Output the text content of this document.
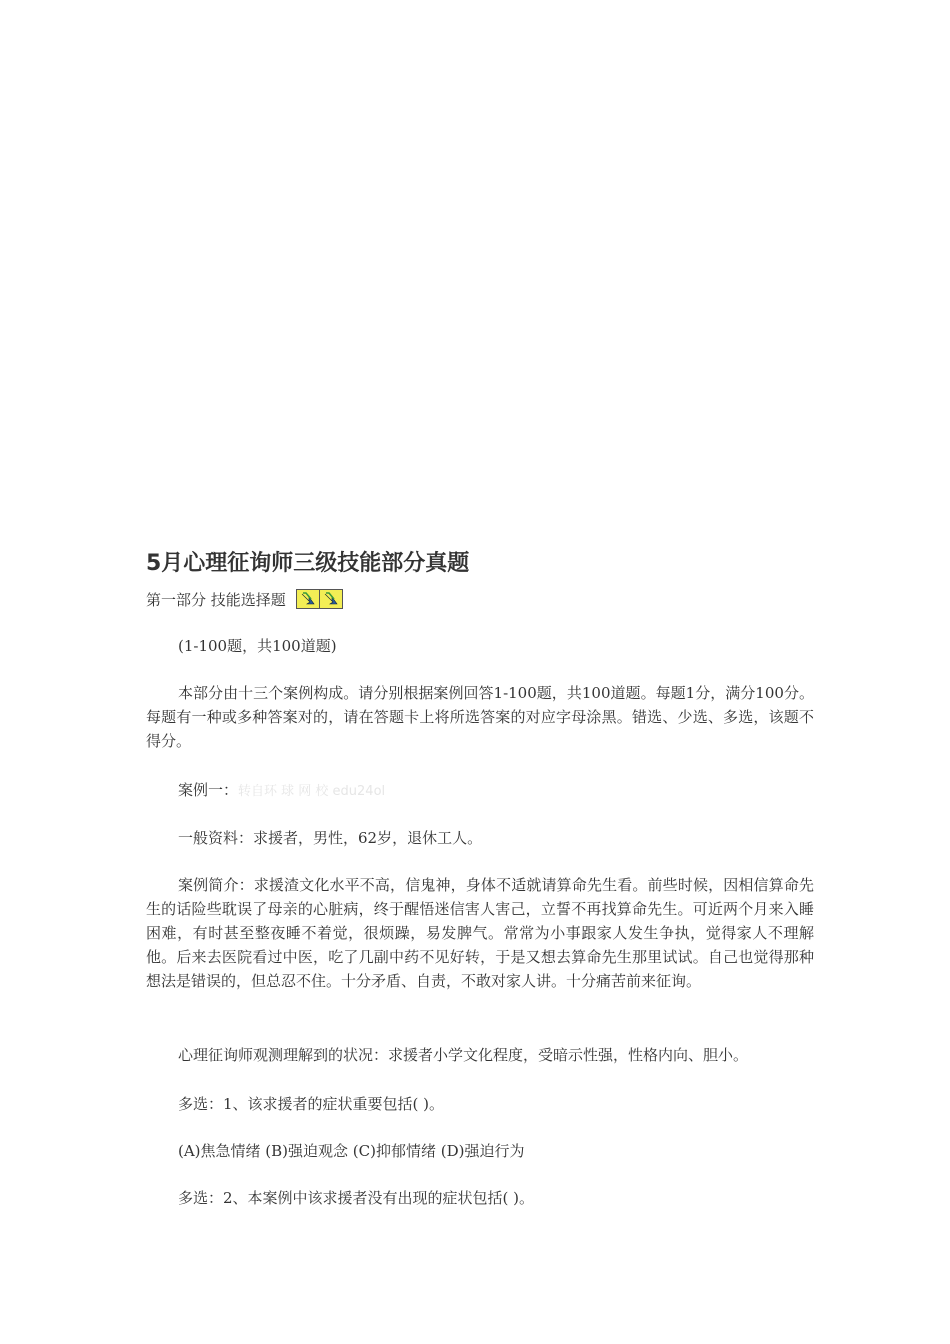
5月心理征询师三级技能部分真题
第一部分 技能选择题

(1-100题，共100道题)

本部分由十三个案例构成。请分别根据案例回答1-100题，共100道题。每题1分，满分100分。每题有一种或多种答案对的，请在答题卡上将所选答案的对应字母涂黑。错选、少选、多选，该题不得分。

案例一：转自环 球 网 校 edu24ol

一般资料：求援者，男性，62岁，退休工人。

案例简介：求援渣文化水平不高，信鬼神，身体不适就请算命先生看。前些时候，因相信算命先生的话险些耽误了母亲的心脏病，终于醒悟迷信害人害己，立誓不再找算命先生。可近两个月来入睡困难，有时甚至整夜睡不着觉，很烦躁，易发脾气。常常为小事跟家人发生争执，觉得家人不理解他。后来去医院看过中医，吃了几副中药不见好转，于是又想去算命先生那里试试。自己也觉得那种想法是错误的，但总忍不住。十分矛盾、自责，不敢对家人讲。十分痛苦前来征询。

心理征询师观测理解到的状况：求援者小学文化程度，受暗示性强，性格内向、胆小。

多选：1、该求援者的症状重要包括( )。

(A)焦急情绪 (B)强迫观念 (C)抑郁情绪 (D)强迫行为

多选：2、本案例中该求援者没有出现的症状包括( )。
